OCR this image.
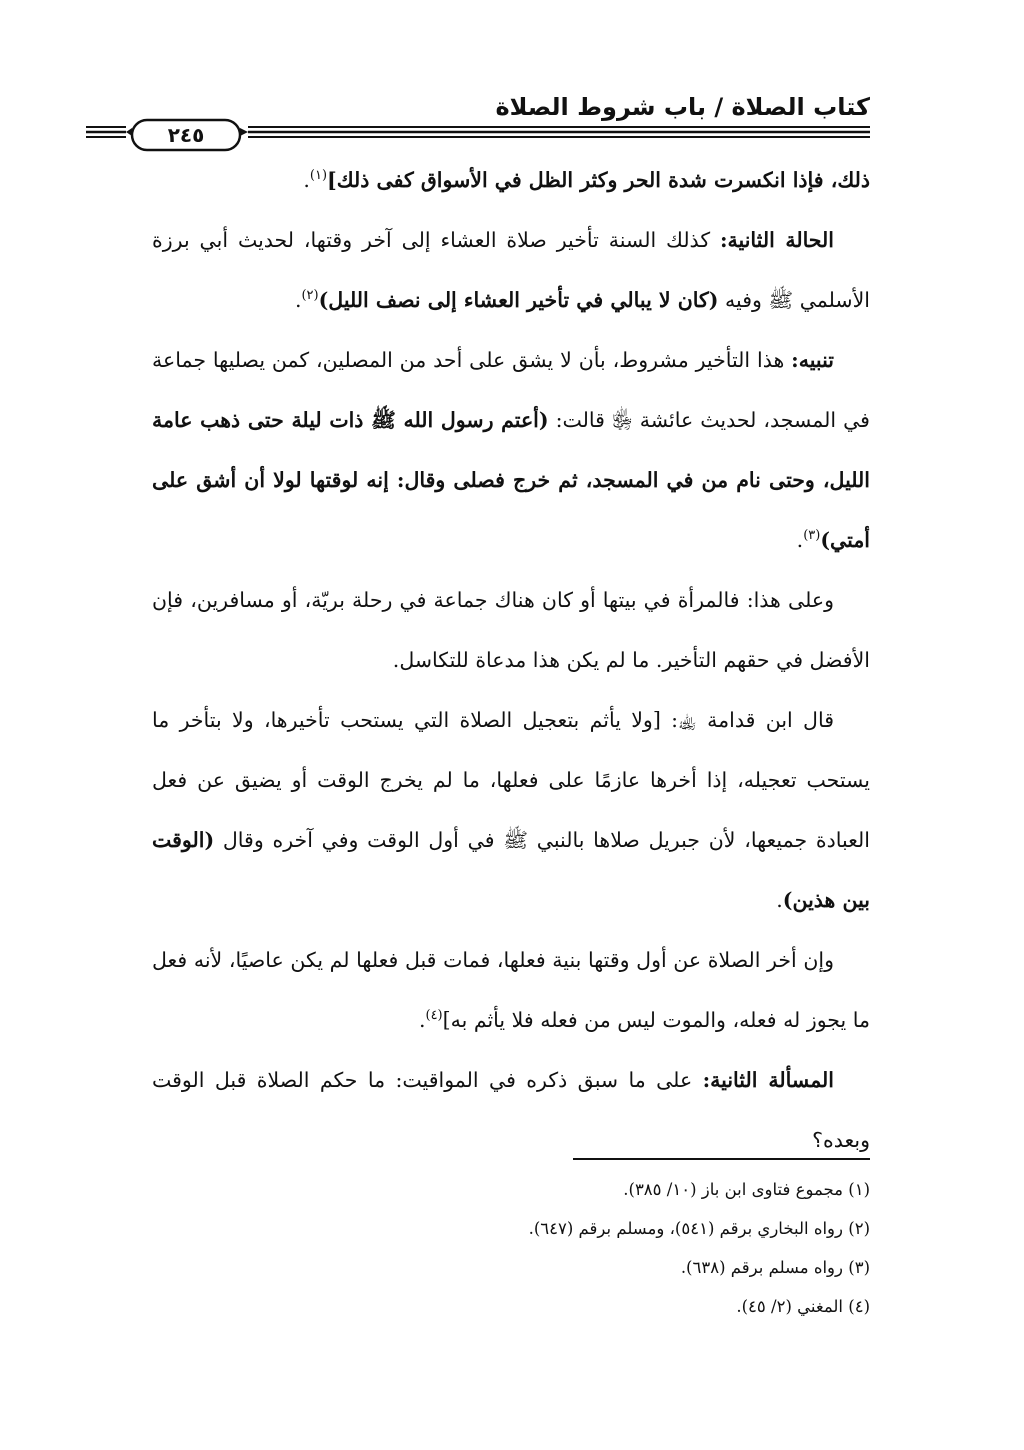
كتاب الصلاة / باب شروط الصلاة
٢٤٥

ذلك، فإذا انكسرت شدة الحر وكثر الظل في الأسواق كفى ذلك]$^{(١)}$.

الحالة الثانية: كذلك السنة تأخير صلاة العشاء إلى آخر وقتها، لحديث أبي برزة الأسلمي ﷺ وفيه (كان لا يبالي في تأخير العشاء إلى نصف الليل)$^{(٢)}$.

تنبيه: هذا التأخير مشروط، بأن لا يشق على أحد من المصلين، كمن يصليها جماعة في المسجد، لحديث عائشة ﵂ قالت: (أعتم رسول الله ﷺ ذات ليلة حتى ذهب عامة الليل، وحتى نام من في المسجد، ثم خرج فصلى وقال: إنه لوقتها لولا أن أشق على أمتي)$^{(٣)}$.

وعلى هذا: فالمرأة في بيتها أو كان هناك جماعة في رحلة بريّة، أو مسافرين، فإن الأفضل في حقهم التأخير. ما لم يكن هذا مدعاة للتكاسل.

قال ابن قدامة ﵀: [ولا يأثم بتعجيل الصلاة التي يستحب تأخيرها، ولا بتأخر ما يستحب تعجيله، إذا أخرها عازمًا على فعلها، ما لم يخرج الوقت أو يضيق عن فعل العبادة جميعها، لأن جبريل صلاها بالنبي ﷺ في أول الوقت وفي آخره وقال (الوقت بين هذين).

وإن أخر الصلاة عن أول وقتها بنية فعلها، فمات قبل فعلها لم يكن عاصيًا، لأنه فعل ما يجوز له فعله، والموت ليس من فعله فلا يأثم به]$^{(٤)}$.

المسألة الثانية: على ما سبق ذكره في المواقيت: ما حكم الصلاة قبل الوقت وبعده؟

(١) مجموع فتاوى ابن باز (١٠/ ٣٨٥).
(٢) رواه البخاري برقم (٥٤١)، ومسلم برقم (٦٤٧).
(٣) رواه مسلم برقم (٦٣٨).
(٤) المغني (٢/ ٤٥).
